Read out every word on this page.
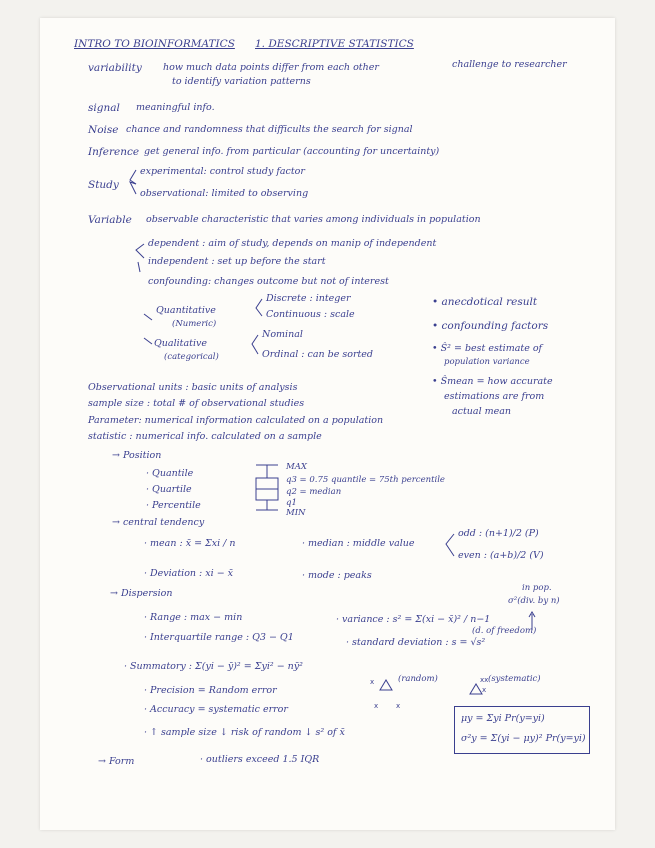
INTRO TO BIOINFORMATICS 1. DESCRIPTIVE STATISTICS
variability how much data points differ from each other	challenge to researcher
to identify variation patterns
signal meaningful info.
Noise chance and randomness that difficults the search for signal
Inference get general info. from particular (accounting for uncertainty)
Study
experimental: control study factor
observational: limited to observing
Variable observable characteristic that varies among individuals in population
dependent : aim of study, depends on manip of independent
independent : set up before the start
confounding: changes outcome but not of interest
Quantitative
(Numeric)
Discrete : integer
Continuous : scale
Qualitative
(categorical)
Nominal
Ordinal : can be sorted
• anecdotical result
• confounding factors
• Ŝ² = best estimate of
population variance
• Ŝmean = how accurate
estimations are from
actual mean
Observational units : basic units of analysis
sample size : total # of observational studies
Parameter: numerical information calculated on a population
statistic : numerical info. calculated on a sample
→ Position
· Quantile
· Quartile
· Percentile
MAX
q3 = 0.75 quantile = 75th percentile
q2 = median
q1
MIN
→ central tendency
· mean : x̄ = Σxi / n	· median : middle value
odd : (n+1)/2 (P)
even : (a+b)/2 (V)
· Deviation : xi − x̄	· mode : peaks
→ Dispersion	in pop.
σ²(div. by n)
· Range : max − min	· variance : s² = Σ(xi − x̄)² / n−1
(d. of freedom)
· Interquartile range : Q3 − Q1	· standard deviation : s = √s²
· Summatory : Σ(yi − ȳ)² = Σyi² − nȳ²
(random)	(systematic)
· Precision = Random error
· Accuracy = systematic error
· ↑ sample size ↓ risk of random ↓ s² of x̄
μy = Σyi Pr(y=yi)
σ²y = Σ(yi − μy)² Pr(y=yi)
→ Form	· outliers exceed 1.5 IQR
x
x	x
xx
x
